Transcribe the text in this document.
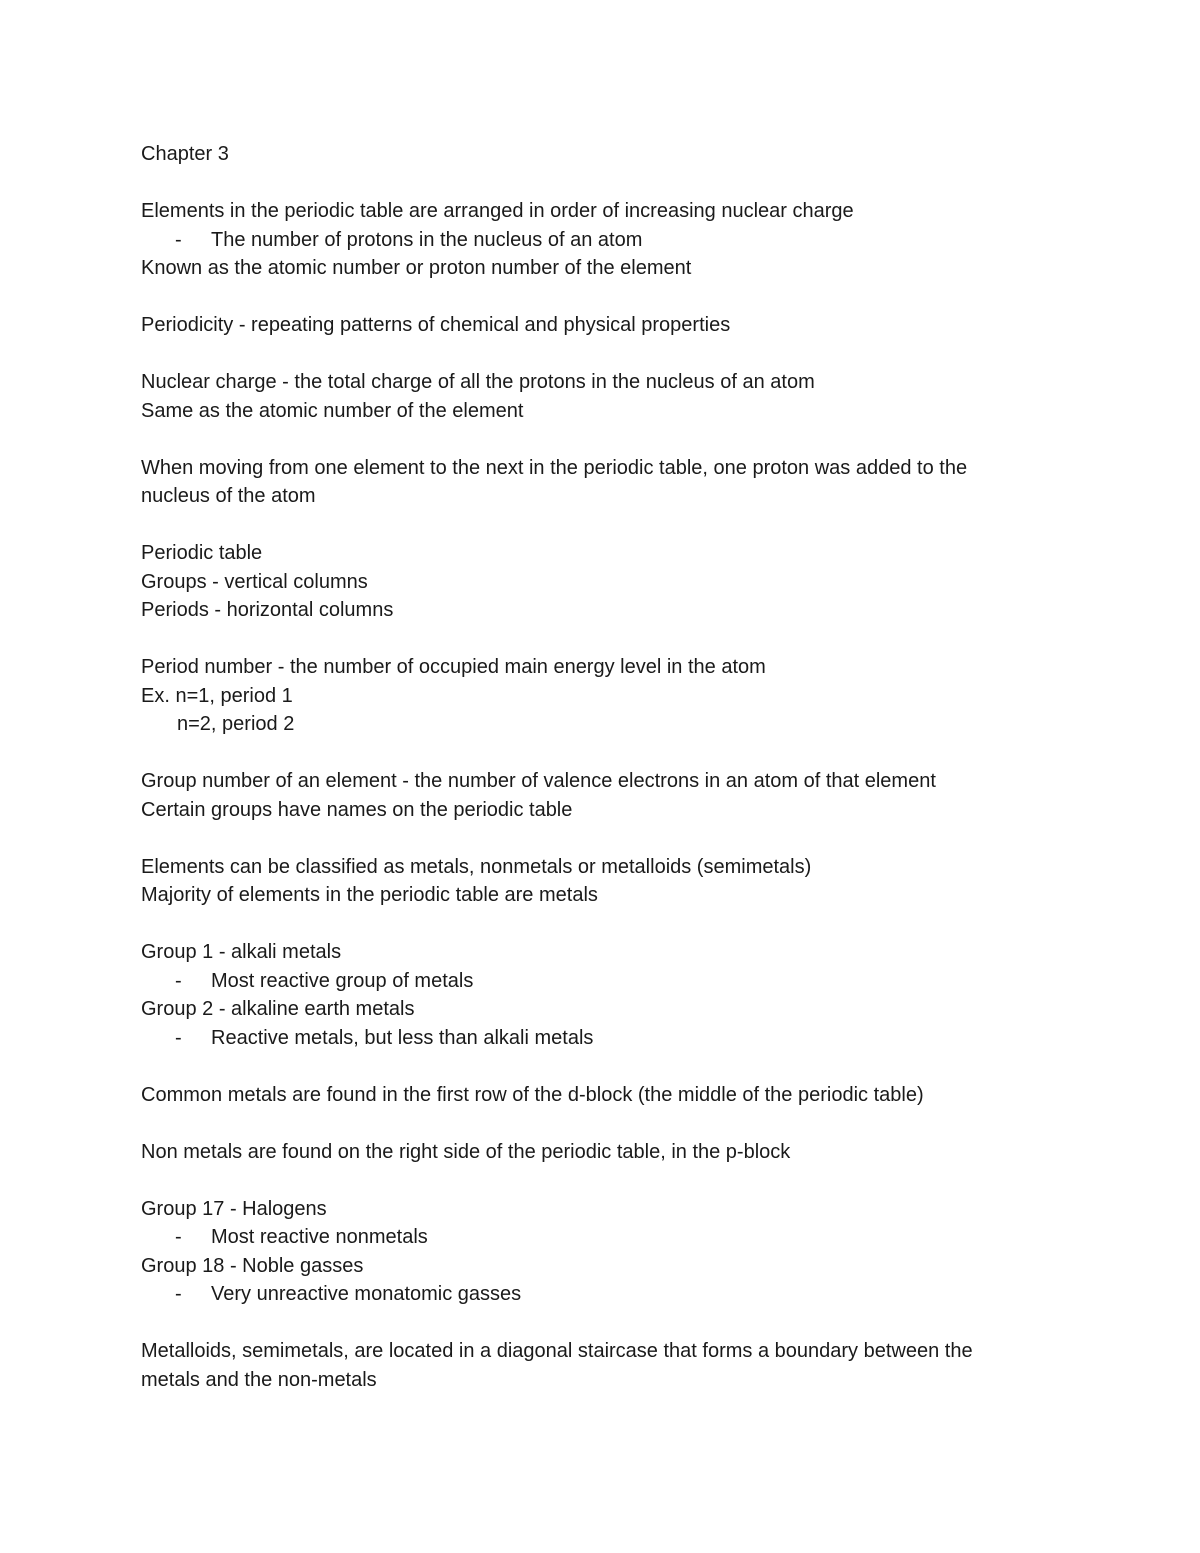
Chapter 3
Elements in the periodic table are arranged in order of increasing nuclear charge
- The number of protons in the nucleus of an atom
Known as the atomic number or proton number of the element
Periodicity - repeating patterns of chemical and physical properties
Nuclear charge - the total charge of all the protons in the nucleus of an atom
Same as the atomic number of the element
When moving from one element to the next in the periodic table, one proton was added to the
nucleus of the atom
Periodic table
Groups - vertical columns
Periods - horizontal columns
Period number - the number of occupied main energy level in the atom
Ex. n=1, period 1
n=2, period 2
Group number of an element - the number of valence electrons in an atom of that element
Certain groups have names on the periodic table
Elements can be classified as metals, nonmetals or metalloids (semimetals)
Majority of elements in the periodic table are metals
Group 1 - alkali metals
- Most reactive group of metals
Group 2 - alkaline earth metals
- Reactive metals, but less than alkali metals
Common metals are found in the first row of the d-block (the middle of the periodic table)
Non metals are found on the right side of the periodic table, in the p-block
Group 17 - Halogens
- Most reactive nonmetals
Group 18 - Noble gasses
- Very unreactive monatomic gasses
Metalloids, semimetals, are located in a diagonal staircase that forms a boundary between the
metals and the non-metals
